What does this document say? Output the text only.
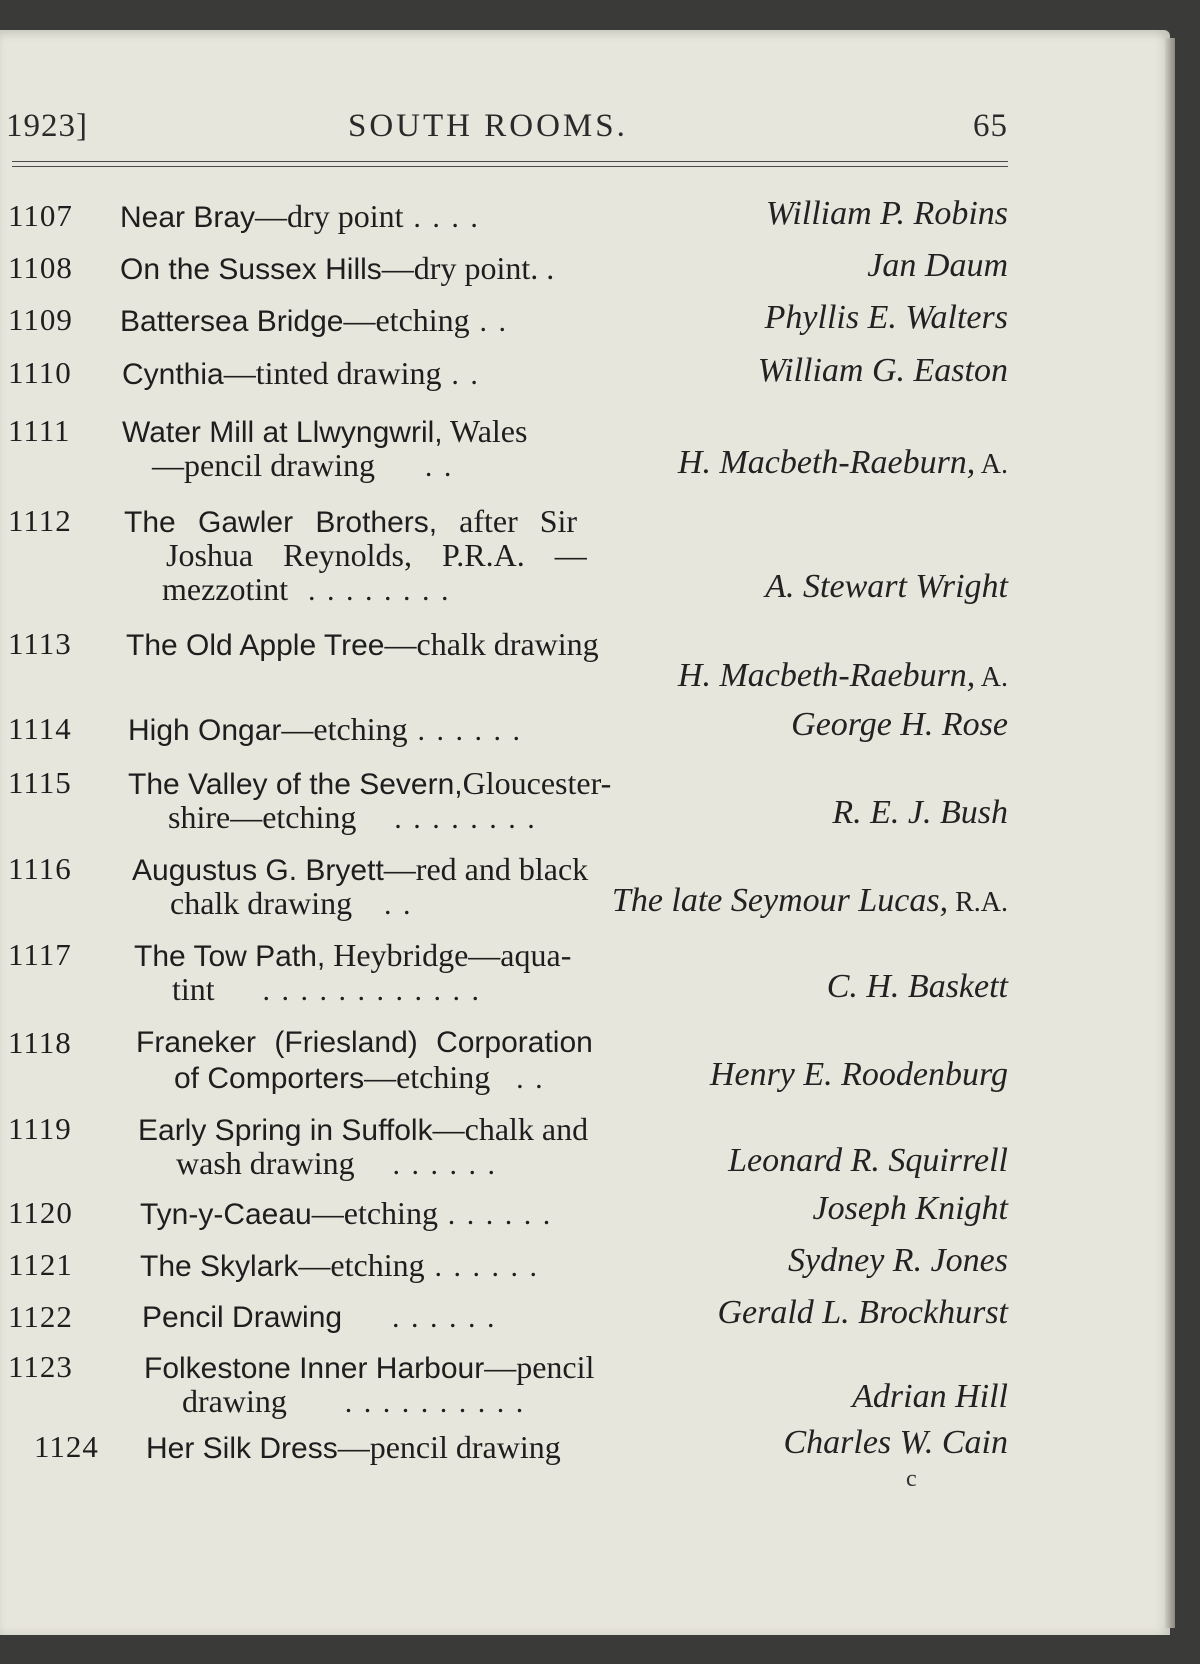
1923]	SOUTH ROOMS.	65
1107 Near Bray—dry point . . . .	William P. Robins
1108 On the Sussex Hills—dry point. .	Jan Daum
1109 Battersea Bridge—etching . .	Phyllis E. Walters
1110 Cynthia—tinted drawing . .	William G. Easton
1111 Water Mill at Llwyngwril, Wales
—pencil drawing . .	H. Macbeth-Raeburn, A.
1112 The Gawler Brothers, after Sir
Joshua Reynolds, P.R.A. —
mezzotint . . . . . . . .	A. Stewart Wright
1113 The Old Apple Tree—chalk drawing
H. Macbeth-Raeburn, A.
1114 High Ongar—etching . . . . . .	George H. Rose
1115 The Valley of the Severn,Gloucester-
shire—etching . . . . . . . .	R. E. J. Bush
1116 Augustus G. Bryett—red and black
chalk drawing . .	The late Seymour Lucas, R.A.
1117 The Tow Path, Heybridge—aqua-
tint . . . . . . . . . . . .	C. H. Baskett
1118 Franeker (Friesland) Corporation
of Comporters—etching . .	Henry E. Roodenburg
1119 Early Spring in Suffolk—chalk and
wash drawing . . . . . .	Leonard R. Squirrell
1120 Tyn-y-Caeau—etching . . . . . .	Joseph Knight
1121 The Skylark—etching . . . . . .	Sydney R. Jones
1122 Pencil Drawing . . . . . .	Gerald L. Brockhurst
1123 Folkestone Inner Harbour—pencil
drawing . . . . . . . . . .	Adrian Hill
1124 Her Silk Dress—pencil drawing	Charles W. Cain
c
